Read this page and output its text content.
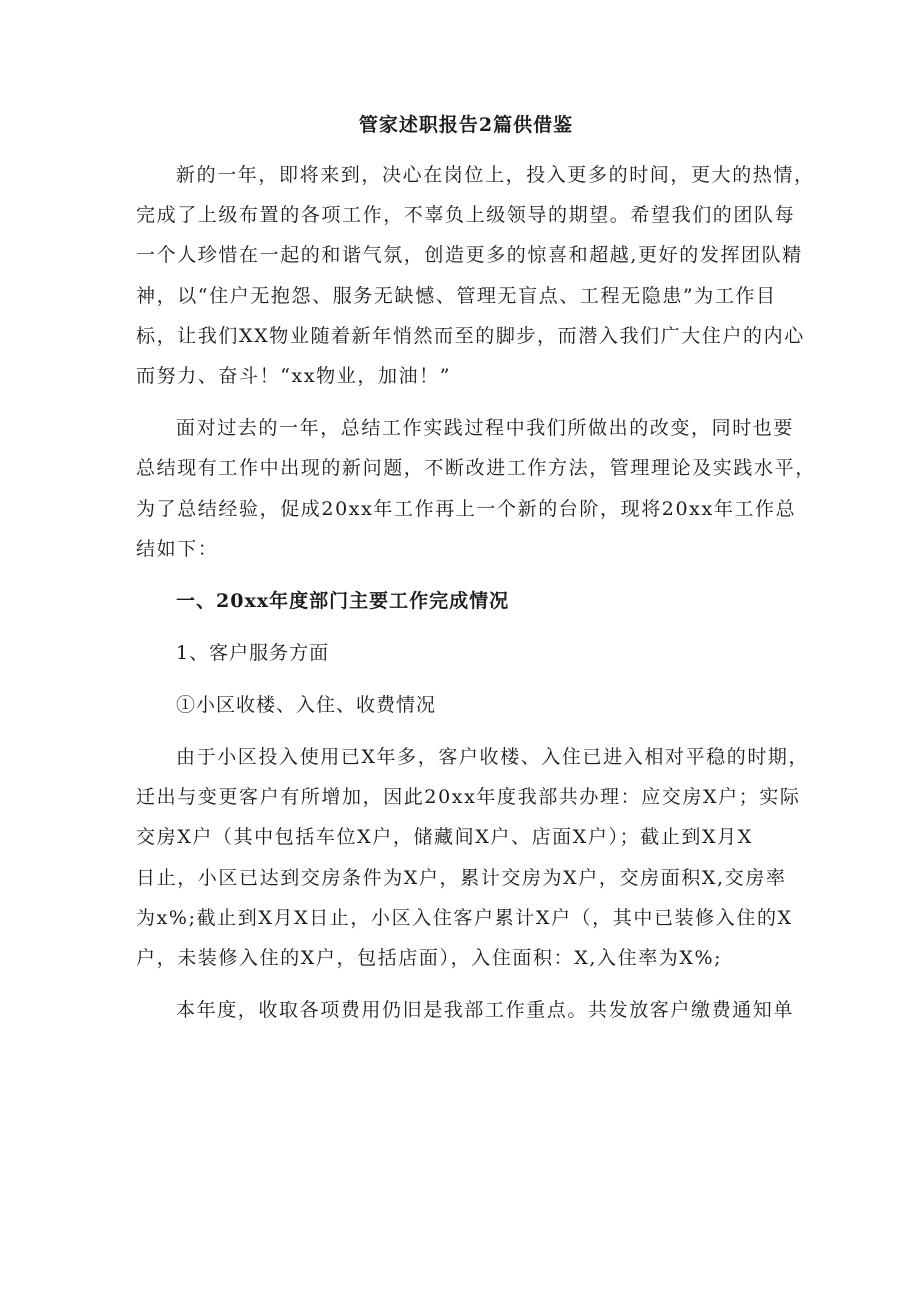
管家述职报告2篇供借鉴
新的一年，即将来到，决心在岗位上，投入更多的时间，更大的热情，
完成了上级布置的各项工作，不辜负上级领导的期望。希望我们的团队每
一个人珍惜在一起的和谐气氛，创造更多的惊喜和超越,更好的发挥团队精
神，以“住户无抱怨、服务无缺憾、管理无盲点、工程无隐患”为工作目
标，让我们XX物业随着新年悄然而至的脚步，而潜入我们广大住户的内心
而努力、奋斗！“xx物业，加油！”
面对过去的一年，总结工作实践过程中我们所做出的改变，同时也要
总结现有工作中出现的新问题，不断改进工作方法，管理理论及实践水平，
为了总结经验，促成20xx年工作再上一个新的台阶，现将20xx年工作总
结如下：
一、20xx年度部门主要工作完成情况
1、客户服务方面
①小区收楼、入住、收费情况
由于小区投入使用已X年多，客户收楼、入住已进入相对平稳的时期，
迁出与变更客户有所增加，因此20xx年度我部共办理：应交房X户；实际
交房X户（其中包括车位X户，储藏间X户、店面X户）；截止到X月X
日止，小区已达到交房条件为X户，累计交房为X户，交房面积X,交房率
为x%;截止到X月X日止，小区入住客户累计X户（，其中已装修入住的X
户，未装修入住的X户，包括店面），入住面积：X,入住率为X%;
本年度，收取各项费用仍旧是我部工作重点。共发放客户缴费通知单
